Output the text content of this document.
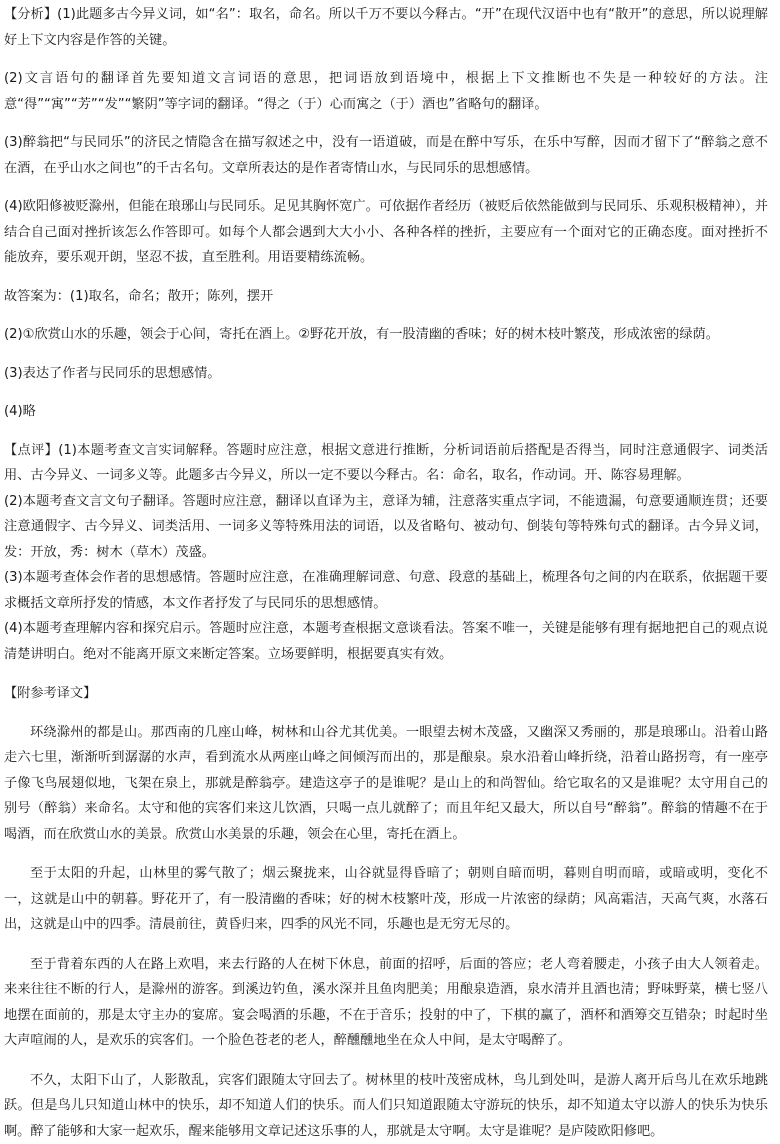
【分析】(1)此题多古今异义词，如“名”：取名，命名。所以千万不要以今释古。“开”在现代汉语中也有“散开”的意思，所以说理解好上下文内容是作答的关键。

(2)文言语句的翻译首先要知道文言词语的意思，把词语放到语境中，根据上下文推断也不失是一种较好的方法。注意“得”“寓”“芳”“发”“繁阴”等字词的翻译。“得之（于）心而寓之（于）酒也”省略句的翻译。

(3)醉翁把“与民同乐”的济民之情隐含在描写叙述之中，没有一语道破，而是在醉中写乐，在乐中写醉，因而才留下了“醉翁之意不在酒，在乎山水之间也”的千古名句。文章所表达的是作者寄情山水，与民同乐的思想感情。

(4)欧阳修被贬滁州，但能在琅琊山与民同乐。足见其胸怀宽广。可依据作者经历（被贬后依然能做到与民同乐、乐观积极精神），并结合自己面对挫折该怎么作答即可。如每个人都会遇到大大小小、各种各样的挫折，主要应有一个面对它的正确态度。面对挫折不能放弃，要乐观开朗，坚忍不拔，直至胜利。用语要精练流畅。

故答案为：(1)取名，命名；散开；陈列，摆开

(2)①欣赏山水的乐趣，领会于心间，寄托在酒上。②野花开放，有一股清幽的香味；好的树木枝叶繁茂，形成浓密的绿荫。

(3)表达了作者与民同乐的思想感情。

(4)略

【点评】(1)本题考查文言实词解释。答题时应注意，根据文意进行推断，分析词语前后搭配是否得当，同时注意通假字、词类活用、古今异义、一词多义等。此题多古今异义，所以一定不要以今释古。名：命名，取名，作动词。开、陈容易理解。

(2)本题考查文言文句子翻译。答题时应注意，翻译以直译为主，意译为辅，注意落实重点字词，不能遗漏，句意要通顺连贯；还要注意通假字、古今异义、词类活用、一词多义等特殊用法的词语，以及省略句、被动句、倒装句等特殊句式的翻译。古今异义词，发：开放，秀：树木（草木）茂盛。

(3)本题考查体会作者的思想感情。答题时应注意，在准确理解词意、句意、段意的基础上，梳理各句之间的内在联系，依据题干要求概括文章所抒发的情感，本文作者抒发了与民同乐的思想感情。

(4)本题考查理解内容和探究启示。答题时应注意，本题考查根据文意谈看法。答案不唯一，关键是能够有理有据地把自己的观点说清楚讲明白。绝对不能离开原文来断定答案。立场要鲜明，根据要真实有效。

【附参考译文】

环绕滁州的都是山。那西南的几座山峰，树林和山谷尤其优美。一眼望去树木茂盛，又幽深又秀丽的，那是琅琊山。沿着山路走六七里，渐渐听到潺潺的水声，看到流水从两座山峰之间倾泻而出的，那是酿泉。泉水沿着山峰折绕，沿着山路拐弯，有一座亭子像飞鸟展翅似地，飞架在泉上，那就是醉翁亭。建造这亭子的是谁呢？是山上的和尚智仙。给它取名的又是谁呢？太守用自己的别号（醉翁）来命名。太守和他的宾客们来这儿饮酒，只喝一点儿就醉了；而且年纪又最大，所以自号“醉翁”。醉翁的情趣不在于喝酒，而在欣赏山水的美景。欣赏山水美景的乐趣，领会在心里，寄托在酒上。

至于太阳的升起，山林里的雾气散了；烟云聚拢来，山谷就显得昏暗了；朝则自暗而明，暮则自明而暗，或暗或明，变化不一，这就是山中的朝暮。野花开了，有一股清幽的香味；好的树木枝繁叶茂，形成一片浓密的绿荫；风高霜洁，天高气爽，水落石出，这就是山中的四季。清晨前往，黄昏归来，四季的风光不同，乐趣也是无穷无尽的。

至于背着东西的人在路上欢唱，来去行路的人在树下休息，前面的招呼，后面的答应；老人弯着腰走，小孩子由大人领着走。来来往往不断的行人，是滁州的游客。到溪边钓鱼，溪水深并且鱼肉肥美；用酿泉造酒，泉水清并且酒也清；野味野菜，横七竖八地摆在面前的，那是太守主办的宴席。宴会喝酒的乐趣，不在于音乐；投射的中了，下棋的赢了，酒杯和酒筹交互错杂；时起时坐大声喧闹的人，是欢乐的宾客们。一个脸色苍老的老人，醉醺醺地坐在众人中间，是太守喝醉了。

不久，太阳下山了，人影散乱，宾客们跟随太守回去了。树林里的枝叶茂密成林，鸟儿到处叫，是游人离开后鸟儿在欢乐地跳跃。但是鸟儿只知道山林中的快乐，却不知道人们的快乐。而人们只知道跟随太守游玩的快乐，却不知道太守以游人的快乐为快乐啊。醉了能够和大家一起欢乐，醒来能够用文章记述这乐事的人，那就是太守啊。太守是谁呢？是庐陵欧阳修吧。
